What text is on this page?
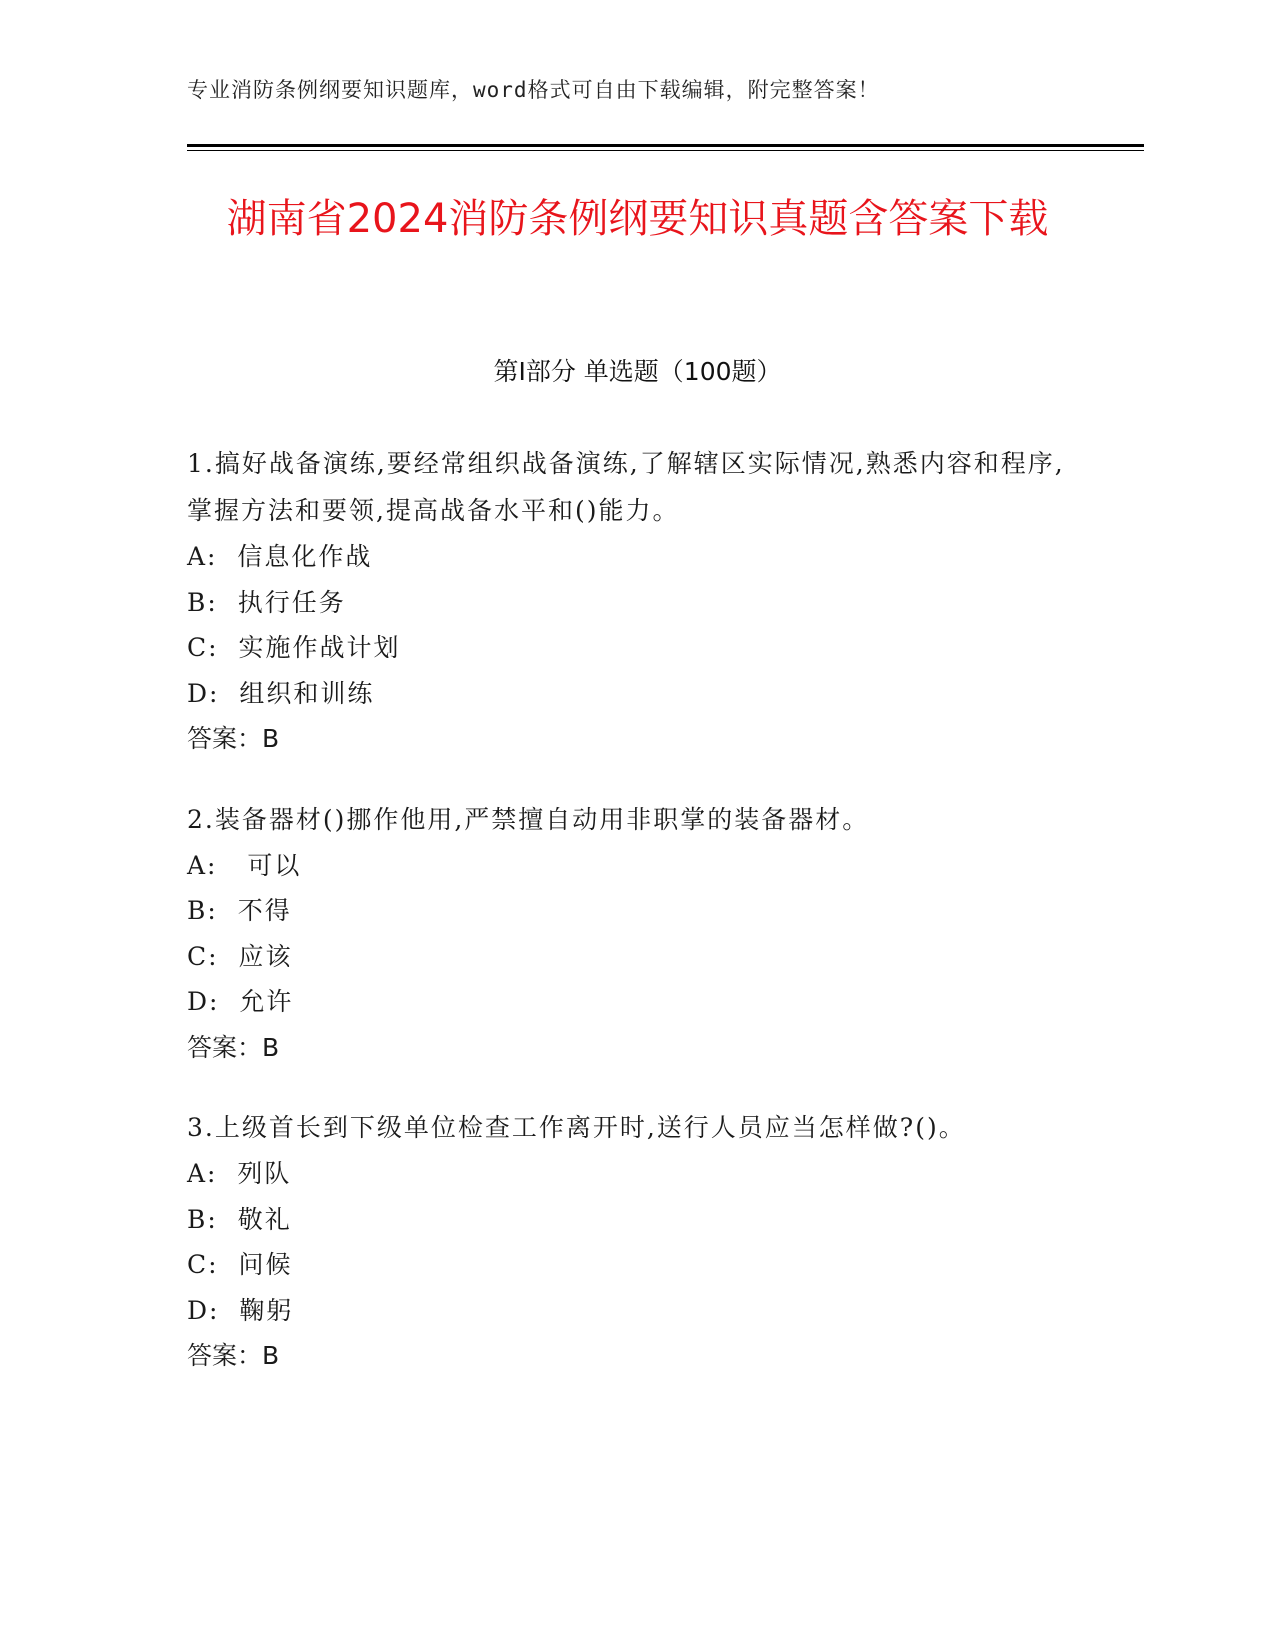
专业消防条例纲要知识题库，word格式可自由下载编辑，附完整答案！
湖南省2024消防条例纲要知识真题含答案下载
第I部分 单选题（100题）

1.搞好战备演练,要经常组织战备演练,了解辖区实际情况,熟悉内容和程序,掌握方法和要领,提高战备水平和()能力。

A:  信息化作战

B:  执行任务

C:  实施作战计划

D:  组织和训练

答案：B

2.装备器材()挪作他用,严禁擅自动用非职掌的装备器材。

A:   可以

B:  不得

C:  应该

D:  允许

答案：B

3.上级首长到下级单位检查工作离开时,送行人员应当怎样做?()。

A:  列队

B:  敬礼

C:  问候

D:  鞠躬

答案：B
